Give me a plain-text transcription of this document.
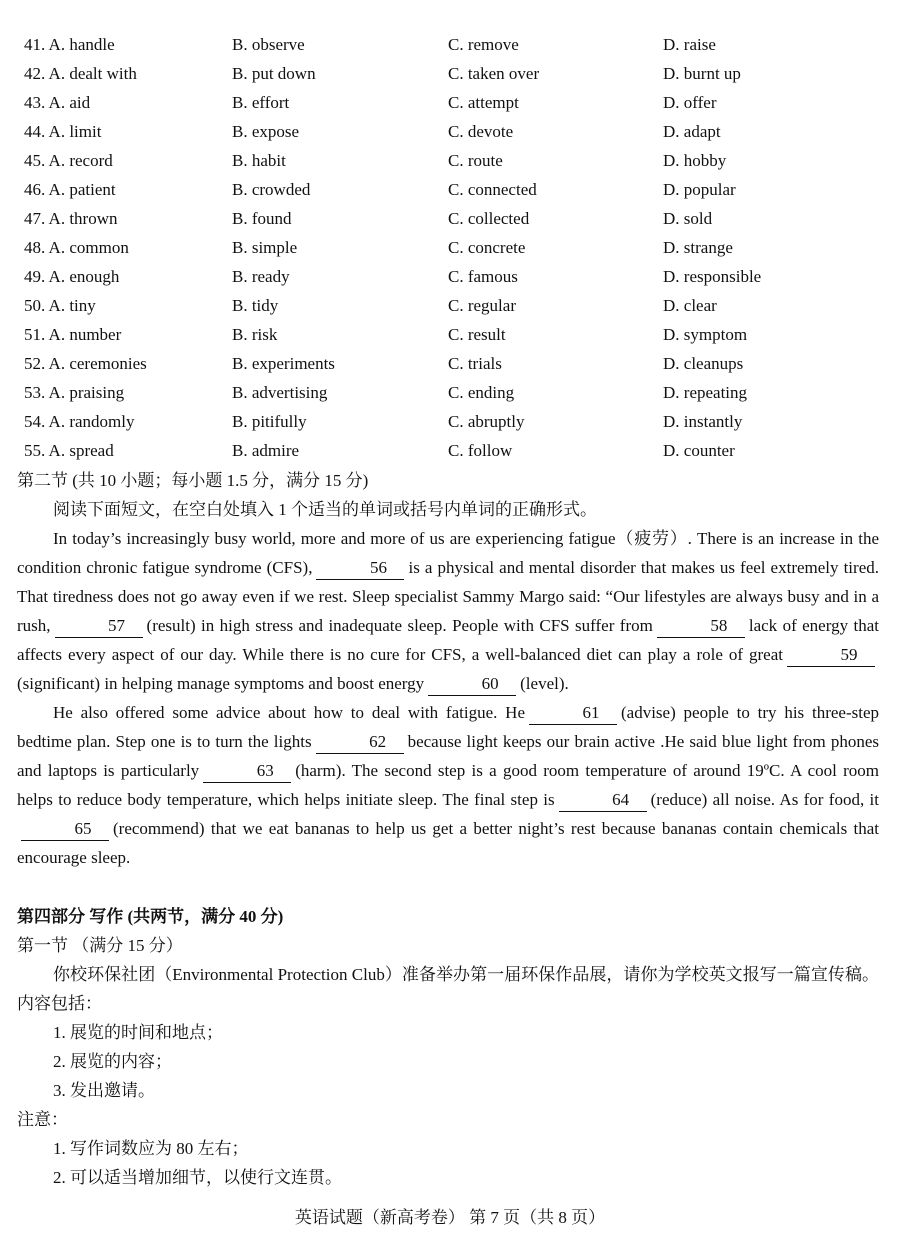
41. A. handle	B. observe	C. remove	D. raise
42. A. dealt with	B. put down	C. taken over	D. burnt up
43. A. aid	B. effort	C. attempt	D. offer
44. A. limit	B. expose	C. devote	D. adapt
45. A. record	B. habit	C. route	D. hobby
46. A. patient	B. crowded	C. connected	D. popular
47. A. thrown	B. found	C. collected	D. sold
48. A. common	B. simple	C. concrete	D. strange
49. A. enough	B. ready	C. famous	D. responsible
50. A. tiny	B. tidy	C. regular	D. clear
51. A. number	B. risk	C. result	D. symptom
52. A. ceremonies	B. experiments	C. trials	D. cleanups
53. A. praising	B. advertising	C. ending	D. repeating
54. A. randomly	B. pitifully	C. abruptly	D. instantly
55. A. spread	B. admire	C. follow	D. counter
第二节 (共 10 小题；每小题 1.5 分，满分 15 分)
阅读下面短文，在空白处填入 1 个适当的单词或括号内单词的正确形式。
In today’s increasingly busy world, more and more of us are experiencing fatigue（疲劳）. There is an increase in the condition chronic fatigue syndrome (CFS),	56 is a physical and mental disorder that makes us feel extremely tired. That tiredness does not go away even if we rest. Sleep specialist Sammy Margo said: “Our lifestyles are always busy and in a rush,	57 (result) in high stress and inadequate sleep. People with CFS suffer from	58 lack of energy that affects every aspect of our day. While there is no cure for CFS, a well-balanced diet can play a role of great	59(significant) in helping manage symptoms and boost energy	60 (level).
He also offered some advice about how to deal with fatigue. He	61 (advise) people to try his three-step bedtime plan. Step one is to turn the lights	62 because light keeps our brain active .He said blue light from phones and laptops is particularly	63 (harm). The second step is a good room temperature of around 19ºC. A cool room helps to reduce body temperature, which helps initiate sleep. The final step is	64 (reduce) all noise. As for food, it65 (recommend) that we eat bananas to help us get a better night’s rest because bananas contain chemicals that encourage sleep.
第四部分 写作 (共两节，满分 40 分)
第一节 （满分 15 分）
你校环保社团（Environmental Protection Club）准备举办第一届环保作品展，请你为学校英文报写一篇宣传稿。内容包括：
1. 展览的时间和地点；
2. 展览的内容；
3. 发出邀请。
注意：
1. 写作词数应为 80 左右；
2. 可以适当增加细节，以使行文连贯。
英语试题（新高考卷） 第 7 页（共 8 页）
